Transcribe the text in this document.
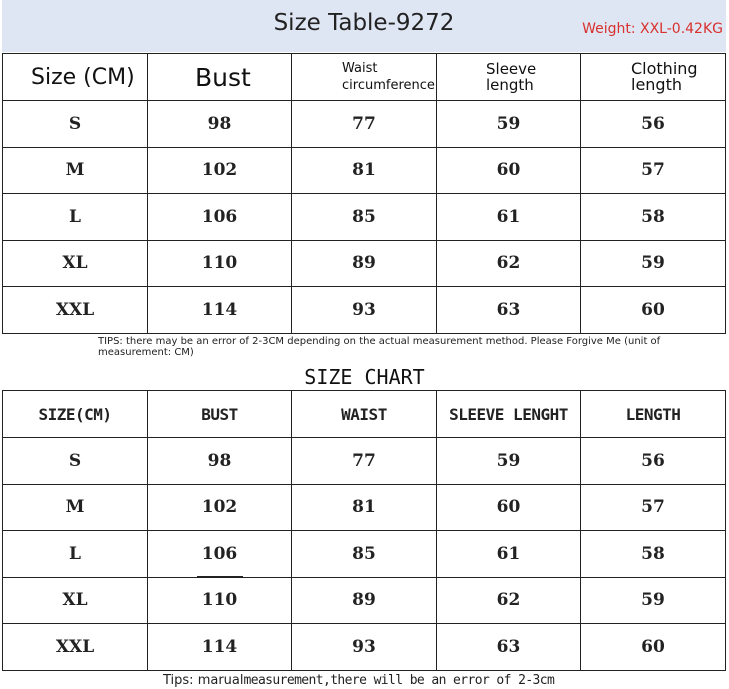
Size Table-9272	Weight: XXL-0.42KG
Size (CM)	Bust	Waist circumference	Sleeve length	Clothing length
S	98	77	59	56
M	102	81	60	57
L	106	85	61	58
XL	110	89	62	59
XXL	114	93	63	60
TIPS: there may be an error of 2-3CM depending on the actual measurement method. Please Forgive Me (unit of measurement: CM)
SIZE CHART
SIZE(CM)	BUST	WAIST	SLEEVE LENGHT	LENGTH
S	98	77	59	56
M	102	81	60	57
L	106	85	61	58
XL	110	89	62	59
XXL	114	93	63	60
Tips: marualmeasurement,there will be an error of 2-3cm
